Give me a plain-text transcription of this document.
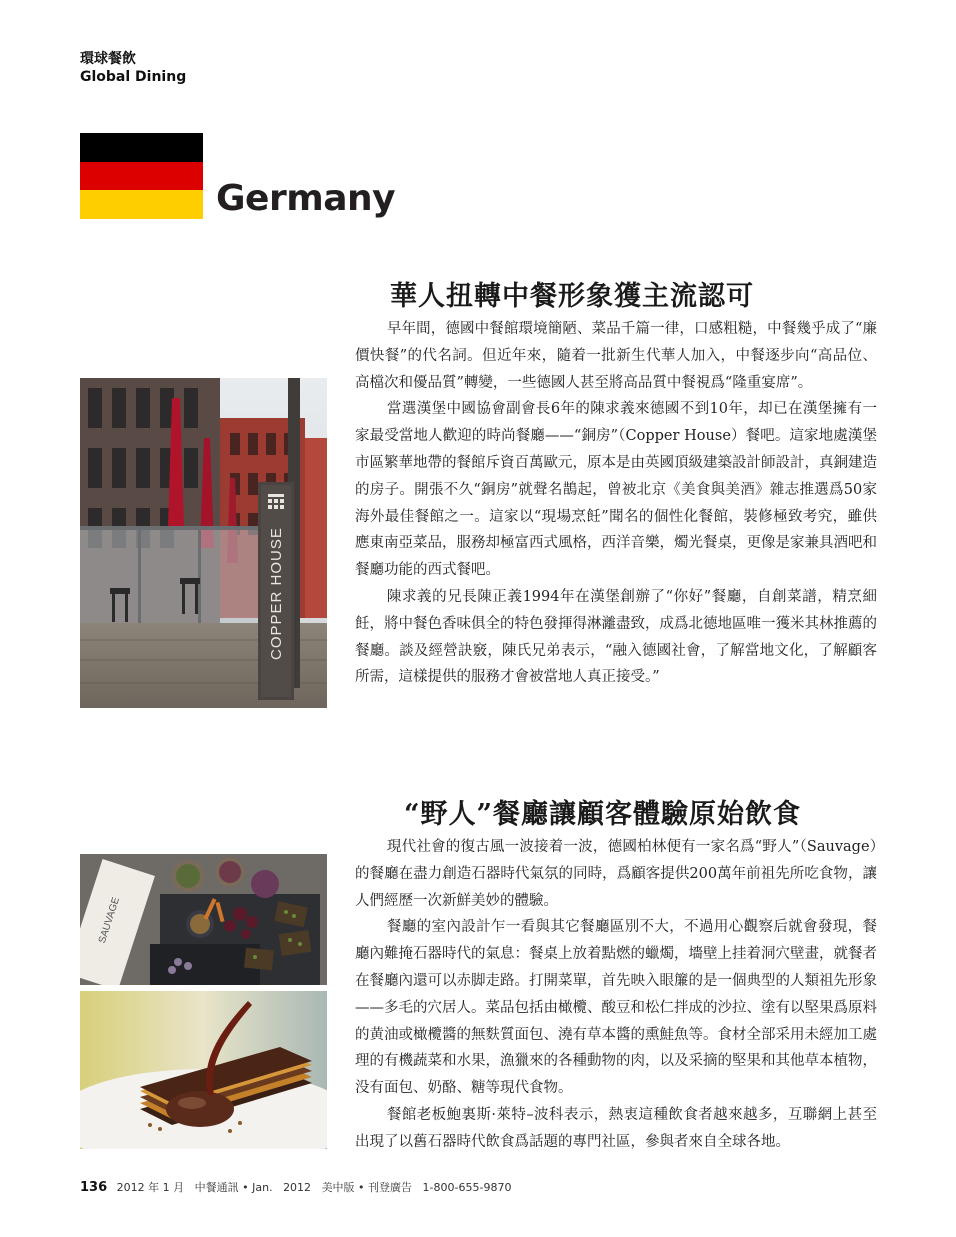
環球餐飲
Global Dining
Germany
華人扭轉中餐形象獲主流認可

早年間，德國中餐館環境簡陋、菜品千篇一律，口感粗糙，中餐幾乎成了“廉價快餐”的代名詞。但近年來，隨着一批新生代華人加入，中餐逐步向“高品位、高檔次和優品質”轉變，一些德國人甚至將高品質中餐視爲“隆重宴席”。

當選漢堡中國協會副會長6年的陳求義來德國不到10年，却已在漢堡擁有一家最受當地人歡迎的時尚餐廳——“銅房”（Copper House）餐吧。這家地處漢堡市區繁華地帶的餐館斥資百萬歐元，原本是由英國頂級建築設計師設計，真銅建造的房子。開張不久“銅房”就聲名鵲起，曾被北京《美食與美酒》雜志推選爲50家海外最佳餐館之一。這家以“現場烹飪”聞名的個性化餐館，裝修極致考究，雖供應東南亞菜品，服務却極富西式風格，西洋音樂，燭光餐桌，更像是家兼具酒吧和餐廳功能的西式餐吧。

陳求義的兄長陳正義1994年在漢堡創辦了“你好”餐廳，自創菜譜，精烹細飪，將中餐色香味俱全的特色發揮得淋灕盡致，成爲北德地區唯一獲米其林推薦的餐廳。談及經營訣竅，陳氏兄弟表示，“融入德國社會，了解當地文化，了解顧客所需，這樣提供的服務才會被當地人真正接受。”

COPPER HOUSE
“野人”餐廳讓顧客體驗原始飲食

現代社會的復古風一波接着一波，德國柏林便有一家名爲“野人”（Sauvage）的餐廳在盡力創造石器時代氣氛的同時，爲顧客提供200萬年前祖先所吃食物，讓人們經歷一次新鮮美妙的體驗。

餐廳的室內設計乍一看與其它餐廳區別不大，不過用心觀察后就會發現，餐廳內難掩石器時代的氣息：餐桌上放着點燃的蠟燭，墻壁上挂着洞穴壁畫，就餐者在餐廳內還可以赤脚走路。打開菜單，首先映入眼簾的是一個典型的人類祖先形象——多毛的穴居人。菜品包括由橄欖、酸豆和松仁拌成的沙拉、塗有以堅果爲原料的黄油或橄欖醬的無麩質面包、澆有草本醬的熏鮭魚等。食材全部采用未經加工處理的有機蔬菜和水果，漁獵來的各種動物的肉，以及采摘的堅果和其他草本植物，没有面包、奶酪、糖等現代食物。

餐館老板鮑裏斯·萊特–波科表示，熱衷這種飲食者越來越多，互聯網上甚至出現了以舊石器時代飲食爲話題的專門社區，參與者來自全球各地。

SAUVAGE
136 2012 年 1 月 中餐通訊 • Jan. 2012 美中版 • 刊登廣告 1-800-655-9870
